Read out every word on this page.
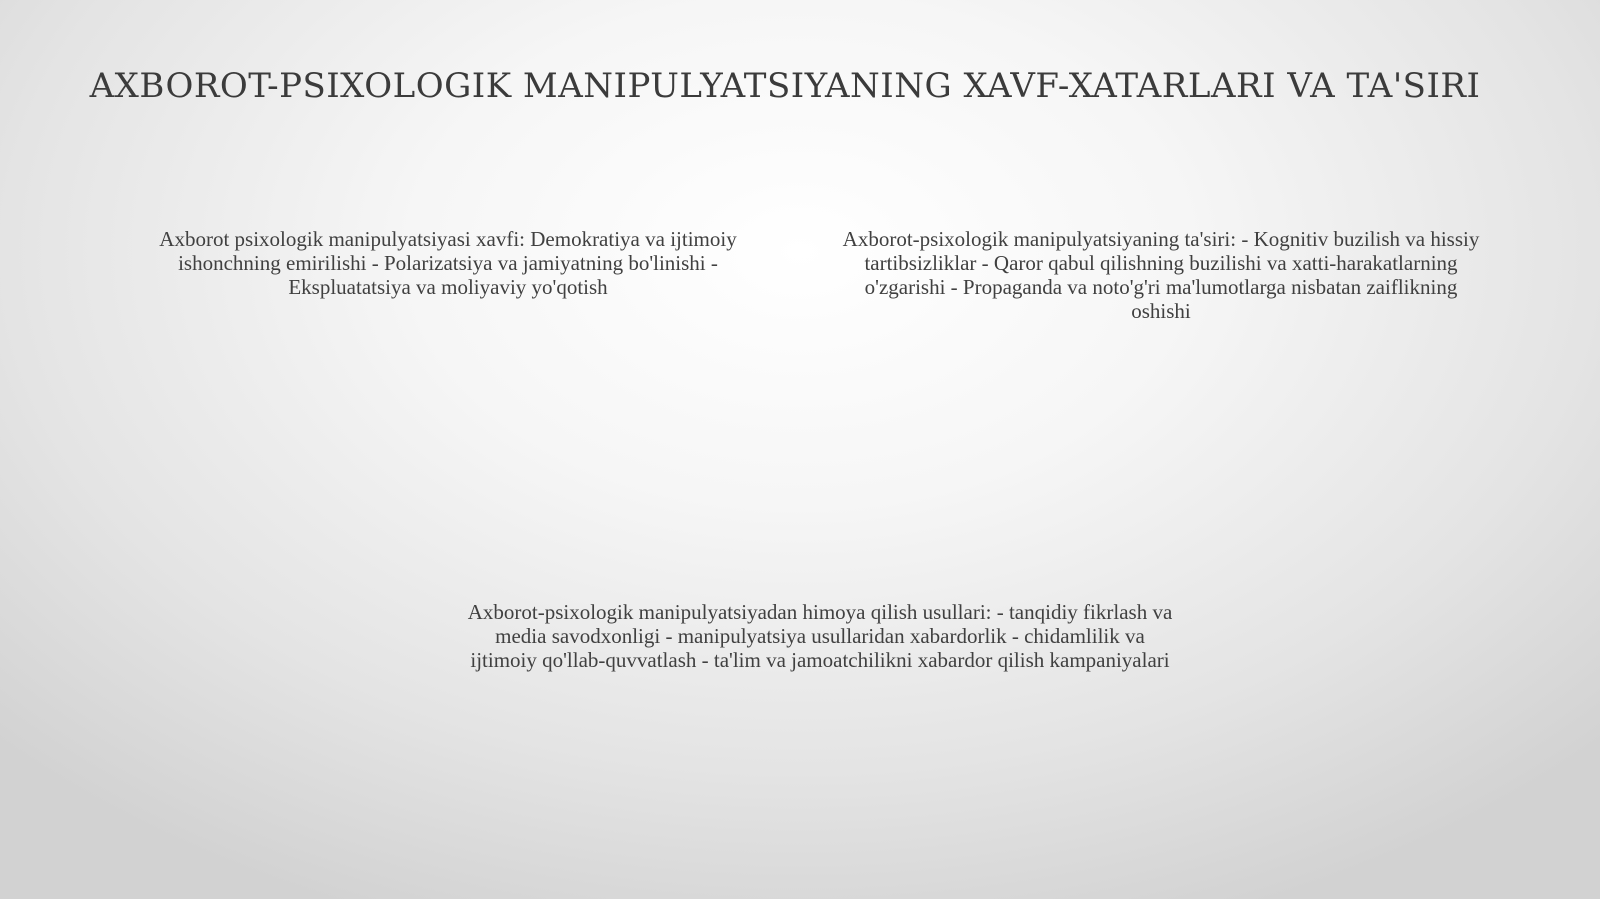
AXBOROT-PSIXOLOGIK MANIPULYATSIYANING XAVF-XATARLARI VA TA'SIRI

Axborot psixologik manipulyatsiyasi xavfi: Demokratiya va ijtimoiy ishonchning emirilishi - Polarizatsiya va jamiyatning bo'linishi - Ekspluatatsiya va moliyaviy yo'qotish

Axborot-psixologik manipulyatsiyaning ta'siri: - Kognitiv buzilish va hissiy tartibsizliklar - Qaror qabul qilishning buzilishi va xatti-harakatlarning o'zgarishi - Propaganda va noto'g'ri ma'lumotlarga nisbatan zaiflikning oshishi

Axborot-psixologik manipulyatsiyadan himoya qilish usullari: - tanqidiy fikrlash va media savodxonligi - manipulyatsiya usullaridan xabardorlik - chidamlilik va ijtimoiy qo'llab-quvvatlash - ta'lim va jamoatchilikni xabardor qilish kampaniyalari
